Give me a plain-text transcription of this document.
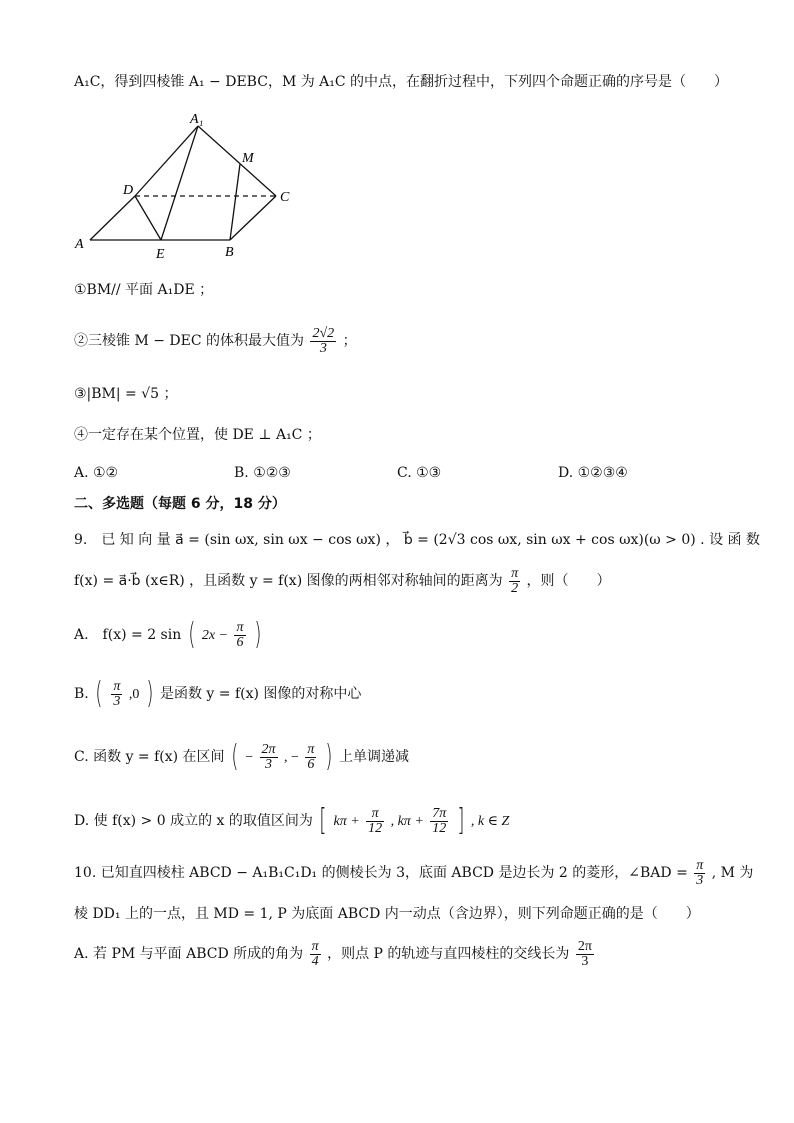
A₁C，得到四棱锥 A₁ − DEBC，M 为 A₁C 的中点，在翻折过程中，下列四个命题正确的序号是（　　）
A₁
M
D	C
A
E	B
①BM// 平面 A₁DE ；
②三棱锥 M − DEC 的体积最大值为 $\frac{2√2}{3}$ ；
③|BM| = √5 ；
④一定存在某个位置，使 DE ⊥ A₁C ；
A. ①②	B. ①②③	C. ①③	D. ①②③④
二、多选题（每题 6 分，18 分）
9.　已 知 向 量 a⃗ = (sin ωx, sin ωx − cos ωx) ， b⃗ = (2√3 cos ωx, sin ωx + cos ωx)(ω > 0) . 设 函 数
f(x) = a⃗·b⃗ (x∈R) ，且函数 y = f(x) 图像的两相邻对称轴间的距离为 $\frac{\pi}{2}$ ，则（　　）
A.　f(x) = 2 sin ( $2x - \frac{\pi}{6}$ )
B. ( $\frac{\pi}{3} ,0$ ) 是函数 y = f(x) 图像的对称中心
C. 函数 y = f(x) 在区间 ( − $\frac{2\pi}{3}$ , − $\frac{\pi}{6}$ ) 上单调递减
D. 使 f(x) > 0 成立的 x 的取值区间为 [ $k\pi + \frac{\pi}{12}$ , $k\pi + \frac{7\pi}{12}$ ] , k ∈ Z
10. 已知直四棱柱 ABCD − A₁B₁C₁D₁ 的侧棱长为 3，底面 ABCD 是边长为 2 的菱形，∠BAD = $\frac{\pi}{3}$ , M 为
棱 DD₁ 上的一点，且 MD = 1, P 为底面 ABCD 内一动点（含边界），则下列命题正确的是（　　）
A. 若 PM 与平面 ABCD 所成的角为 $\frac{\pi}{4}$ ，则点 P 的轨迹与直四棱柱的交线长为 $\frac{2\pi}{3}$
